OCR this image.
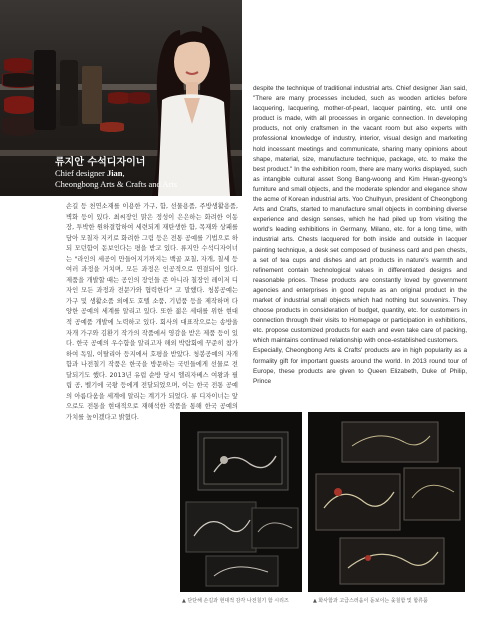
류지안 수석디자이너
Chief designer Jian,
Cheongbong Arts & Crafts and Arts
손길 등 천연소재를 이용한 가구, 함, 선물용품, 주방생활용품, 벽화 등이 있다. 최씨장인 맑은 정성이 은은하는 화려한 이동장, 투박한 원하결합하여 세련되게 재탄생한 함, 목재와 상패를 담아 모칠자 지키로 화려한 그림 등은 전통 공예를 기법으로 하되 모던함이 돋보인다는 평을 받고 있다. 류지안 수석디자이너는 "라인의 세공이 만들어지기까지는 백골 포칠, 자개, 칠세 등 여러 과정을 거치며, 모든 과정은 인공적으로 연결되어 있다. 제품을 개발할 때는 공인의 장인들 존 아니라 칠장인 레이저 디자인 모든 과정과 전문가와 협력한다" 고 말했다. 청봉공예는 가구 및 생활소품 외에도 호텔 소품, 기념품 등을 제작하며 다양한 공예의 세계를 알리고 있다. 또한 젊은 세대를 위한 현대적 공예품 개발에 노력하고 있다. 회사의 대표작으로는 송방울 자개 가구와 김환기 작가의 작품에서 영감을 받은 제품 등이 있다. 한국 공예의 우수함을 알리고자 해외 박람회에 꾸준히 참가하여 독일, 이탈리아 등지에서 호평을 받았다. 청봉공예의 자개함과 나전칠기 작품은 한국을 방문하는 국빈들에게 선물로 전달되기도 했다. 2013년 유럽 순방 당시 엘리자베스 여왕과 필립 공, 벨기에 국왕 등에게 전달되었으며, 이는 한국 전통 공예의 아름다움을 세계에 알리는 계기가 되었다. 류 디자이너는 앞으로도 전통을 현대적으로 재해석한 작품을 통해 한국 공예의 가치를 높이겠다고 밝혔다.
despite the technique of traditional industrial arts. Chief designer Jian said, "There are many processes included, such as wooden articles before lacquering, lacquering, mother-of-pearl, lacquer painting, etc. until one product is made, with all processes in organic connection. In developing products, not only craftsmen in the vacant room but also experts with professional knowledge of industry, interior, visual design and marketing hold incessant meetings and communicate, sharing many opinions about shape, material, size, manufacture technique, package, etc. to make the best product." In the exhibition room, there are many works displayed, such as intangible cultural asset Song Bang-woong and Kim Hwan-gyeong's furniture and small objects, and the moderate splendor and elegance show the acme of Korean industrial arts. Yoo Chulhyun, president of Cheongbong Arts and Crafts, started to manufacture small objects in combining diverse experience and design senses, which he had piled up from visiting the world's leading exhibitions in Germany, Milano, etc. for a long time, with industrial arts. Chests lacquered for both inside and outside in lacquer painting technique, a desk set composed of business card and pen chests, a set of tea cups and dishes and art products in nature's warmth and refinement contain technological values in differentiated designs and reasonable prices. These products are constantly loved by government agencies and enterprises in good repute as an original product in the market of industrial small objects which had nothing but souvenirs. They choose products in consideration of budget, quantity, etc. for customers in connection through their visits to Homepage or participation in exhibitions, etc. propose customized products for each and even take care of packing, which maintains continued relationship with once-established customers.
Especially, Cheongbong Arts & Crafts' products are in high popularity as a formality gift for important guests around the world. In 2013 round tour of Europe, these products are given to Queen Elizabeth, Duke of Philip, Prince
▲ 단단해 손길과 현대적 감각 나전칠기 함 시리즈	▲ 화사함과 고급스러움이 돋보이는 옻칠함 및 합류품
